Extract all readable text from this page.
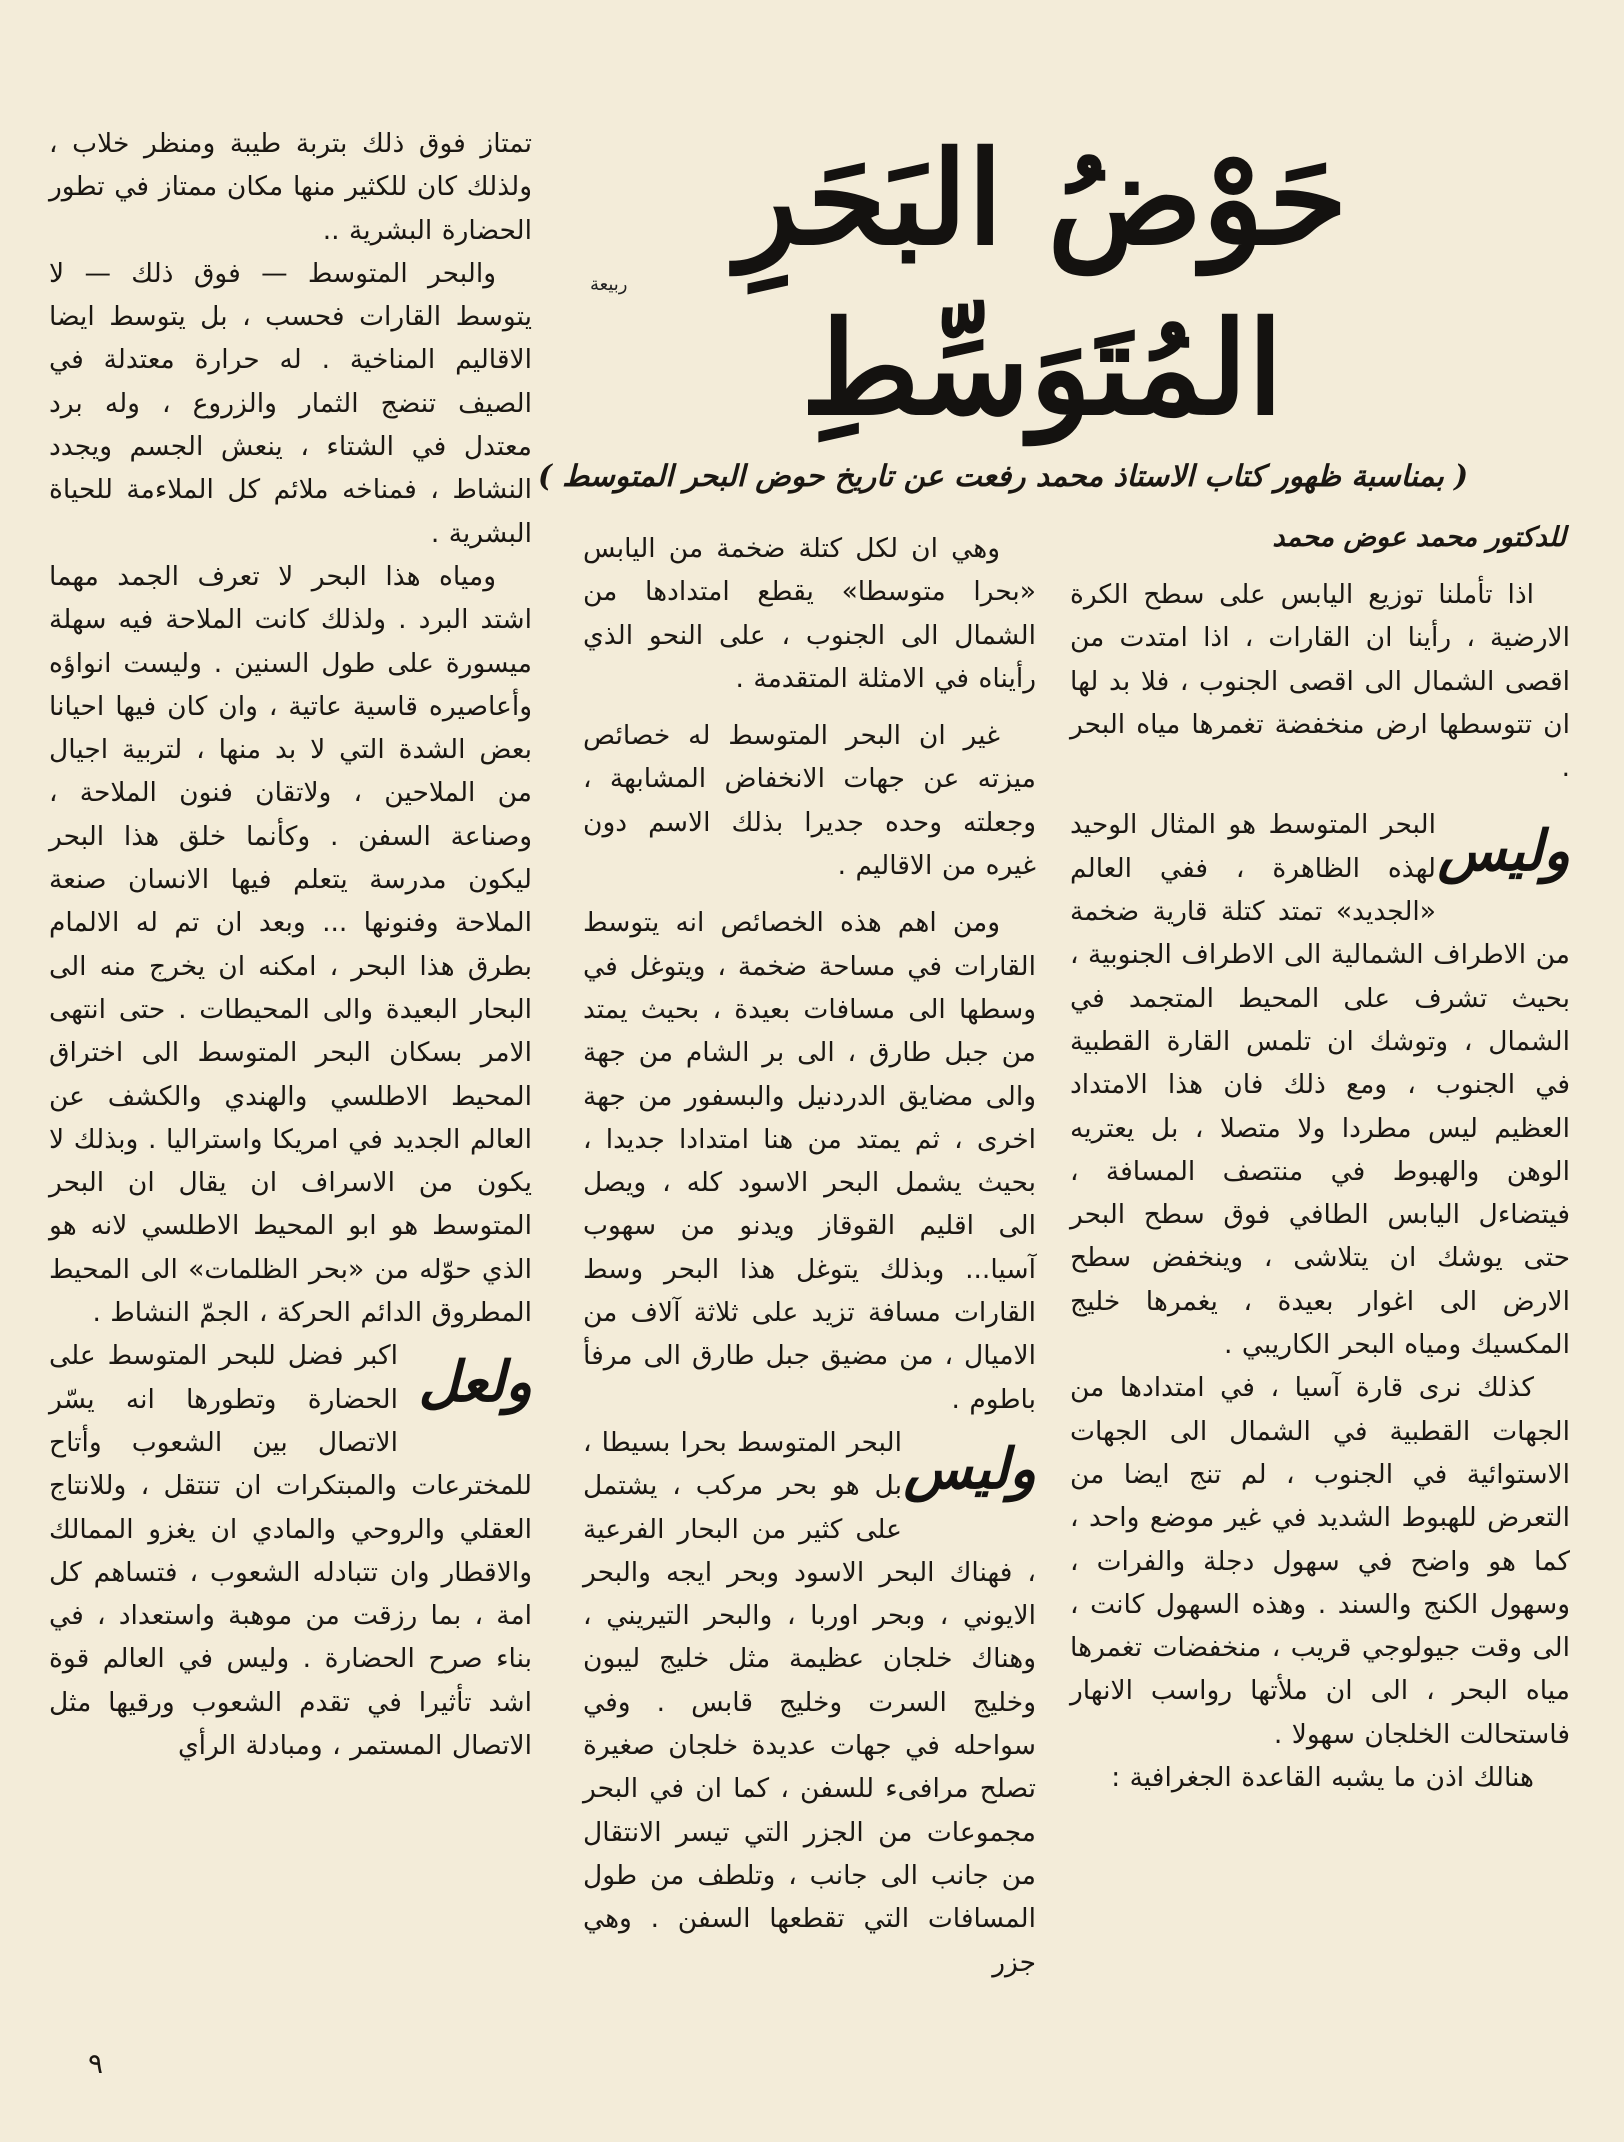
حَوْضُ البَحَرِ المُتَوَسِّطِ
ربيعة
( بمناسبة ظهور كتاب الاستاذ محمد رفعت عن تاريخ حوض البحر المتوسط )
للدكتور محمد عوض محمد

اذا تأملنا توزيع اليابس على سطح الكرة الارضية ، رأينا ان القارات ، اذا امتدت من اقصى الشمال الى اقصى الجنوب ، فلا بد لها ان تتوسطها ارض منخفضة تغمرها مياه البحر .

وليس
البحر المتوسط هو المثال الوحيد لهذه الظاهرة ، ففي العالم «الجديد» تمتد كتلة قارية ضخمة من الاطراف الشمالية الى الاطراف الجنوبية ، بحيث تشرف على المحيط المتجمد في الشمال ، وتوشك ان تلمس القارة القطبية في الجنوب ، ومع ذلك فان هذا الامتداد العظيم ليس مطردا ولا متصلا ، بل يعتريه الوهن والهبوط في منتصف المسافة ، فيتضاءل اليابس الطافي فوق سطح البحر حتى يوشك ان يتلاشى ، وينخفض سطح الارض الى اغوار بعيدة ، يغمرها خليج المكسيك ومياه البحر الكاريبي .

كذلك نرى قارة آسيا ، في امتدادها من الجهات القطبية في الشمال الى الجهات الاستوائية في الجنوب ، لم تنج ايضا من التعرض للهبوط الشديد في غير موضع واحد ، كما هو واضح في سهول دجلة والفرات ، وسهول الكنج والسند . وهذه السهول كانت ، الى وقت جيولوجي قريب ، منخفضات تغمرها مياه البحر ، الى ان ملأتها رواسب الانهار فاستحالت الخلجان سهولا .

هنالك اذن ما يشبه القاعدة الجغرافية :

وهي ان لكل كتلة ضخمة من اليابس «بحرا متوسطا» يقطع امتدادها من الشمال الى الجنوب ، على النحو الذي رأيناه في الامثلة المتقدمة .

غير ان البحر المتوسط له خصائص ميزته عن جهات الانخفاض المشابهة ، وجعلته وحده جديرا بذلك الاسم دون غيره من الاقاليم .

ومن اهم هذه الخصائص انه يتوسط القارات في مساحة ضخمة ، ويتوغل في وسطها الى مسافات بعيدة ، بحيث يمتد من جبل طارق ، الى بر الشام من جهة والى مضايق الدردنيل والبسفور من جهة اخرى ، ثم يمتد من هنا امتدادا جديدا ، بحيث يشمل البحر الاسود كله ، ويصل الى اقليم القوقاز ويدنو من سهوب آسيا... وبذلك يتوغل هذا البحر وسط القارات مسافة تزيد على ثلاثة آلاف من الاميال ، من مضيق جبل طارق الى مرفأ باطوم .

وليس
البحر المتوسط بحرا بسيطا ، بل هو بحر مركب ، يشتمل على كثير من البحار الفرعية ، فهناك البحر الاسود وبحر ايجه والبحر الايوني ، وبحر اوربا ، والبحر التيريني ، وهناك خلجان عظيمة مثل خليج ليبون وخليج السرت وخليج قابس . وفي سواحله في جهات عديدة خلجان صغيرة تصلح مرافىء للسفن ، كما ان في البحر مجموعات من الجزر التي تيسر الانتقال من جانب الى جانب ، وتلطف من طول المسافات التي تقطعها السفن . وهي جزر

تمتاز فوق ذلك بتربة طيبة ومنظر خلاب ، ولذلك كان للكثير منها مكان ممتاز في تطور الحضارة البشرية ..

والبحر المتوسط — فوق ذلك — لا يتوسط القارات فحسب ، بل يتوسط ايضا الاقاليم المناخية . له حرارة معتدلة في الصيف تنضج الثمار والزروع ، وله برد معتدل في الشتاء ، ينعش الجسم ويجدد النشاط ، فمناخه ملائم كل الملاءمة للحياة البشرية .

ومياه هذا البحر لا تعرف الجمد مهما اشتد البرد . ولذلك كانت الملاحة فيه سهلة ميسورة على طول السنين . وليست انواؤه وأعاصيره قاسية عاتية ، وان كان فيها احيانا بعض الشدة التي لا بد منها ، لتربية اجيال من الملاحين ، ولاتقان فنون الملاحة ، وصناعة السفن . وكأنما خلق هذا البحر ليكون مدرسة يتعلم فيها الانسان صنعة الملاحة وفنونها ... وبعد ان تم له الالمام بطرق هذا البحر ، امكنه ان يخرج منه الى البحار البعيدة والى المحيطات . حتى انتهى الامر بسكان البحر المتوسط الى اختراق المحيط الاطلسي والهندي والكشف عن العالم الجديد في امريكا واستراليا . وبذلك لا يكون من الاسراف ان يقال ان البحر المتوسط هو ابو المحيط الاطلسي لانه هو الذي حوّله من «بحر الظلمات» الى المحيط المطروق الدائم الحركة ، الجمّ النشاط .

ولعل
اكبر فضل للبحر المتوسط على الحضارة وتطورها انه يسّر الاتصال بين الشعوب وأتاح للمخترعات والمبتكرات ان تنتقل ، وللانتاج العقلي والروحي والمادي ان يغزو الممالك والاقطار وان تتبادله الشعوب ، فتساهم كل امة ، بما رزقت من موهبة واستعداد ، في بناء صرح الحضارة . وليس في العالم قوة اشد تأثيرا في تقدم الشعوب ورقيها مثل الاتصال المستمر ، ومبادلة الرأي

٩
